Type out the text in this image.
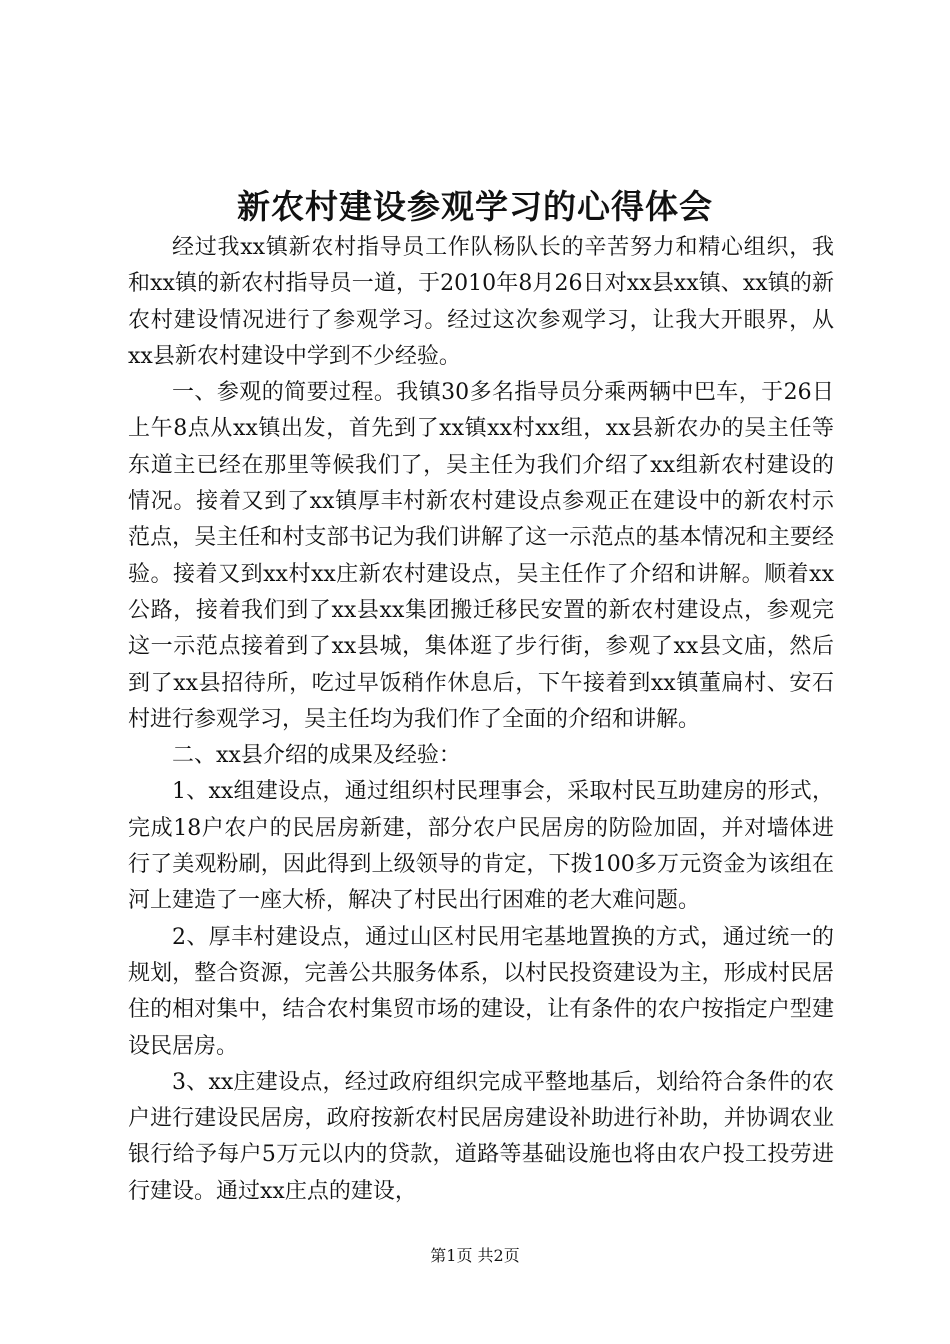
新农村建设参观学习的心得体会

经过我xx镇新农村指导员工作队杨队长的辛苦努力和精心组织，我和xx镇的新农村指导员一道，于2010年8月26日对xx县xx镇、xx镇的新农村建设情况进行了参观学习。经过这次参观学习，让我大开眼界，从xx县新农村建设中学到不少经验。

一、参观的简要过程。我镇30多名指导员分乘两辆中巴车，于26日上午8点从xx镇出发，首先到了xx镇xx村xx组，xx县新农办的吴主任等东道主已经在那里等候我们了，吴主任为我们介绍了xx组新农村建设的情况。接着又到了xx镇厚丰村新农村建设点参观正在建设中的新农村示范点，吴主任和村支部书记为我们讲解了这一示范点的基本情况和主要经验。接着又到xx村xx庄新农村建设点，吴主任作了介绍和讲解。顺着xx公路，接着我们到了xx县xx集团搬迁移民安置的新农村建设点，参观完这一示范点接着到了xx县城，集体逛了步行街，参观了xx县文庙，然后到了xx县招待所，吃过早饭稍作休息后，下午接着到xx镇董扁村、安石村进行参观学习，吴主任均为我们作了全面的介绍和讲解。

二、xx县介绍的成果及经验：

1、xx组建设点，通过组织村民理事会，采取村民互助建房的形式，完成18户农户的民居房新建，部分农户民居房的防险加固，并对墙体进行了美观粉刷，因此得到上级领导的肯定，下拨100多万元资金为该组在河上建造了一座大桥，解决了村民出行困难的老大难问题。

2、厚丰村建设点，通过山区村民用宅基地置换的方式，通过统一的规划，整合资源，完善公共服务体系，以村民投资建设为主，形成村民居住的相对集中，结合农村集贸市场的建设，让有条件的农户按指定户型建设民居房。

3、xx庄建设点，经过政府组织完成平整地基后，划给符合条件的农户进行建设民居房，政府按新农村民居房建设补助进行补助，并协调农业银行给予每户5万元以内的贷款，道路等基础设施也将由农户投工投劳进行建设。通过xx庄点的建设，

第1页 共2页
